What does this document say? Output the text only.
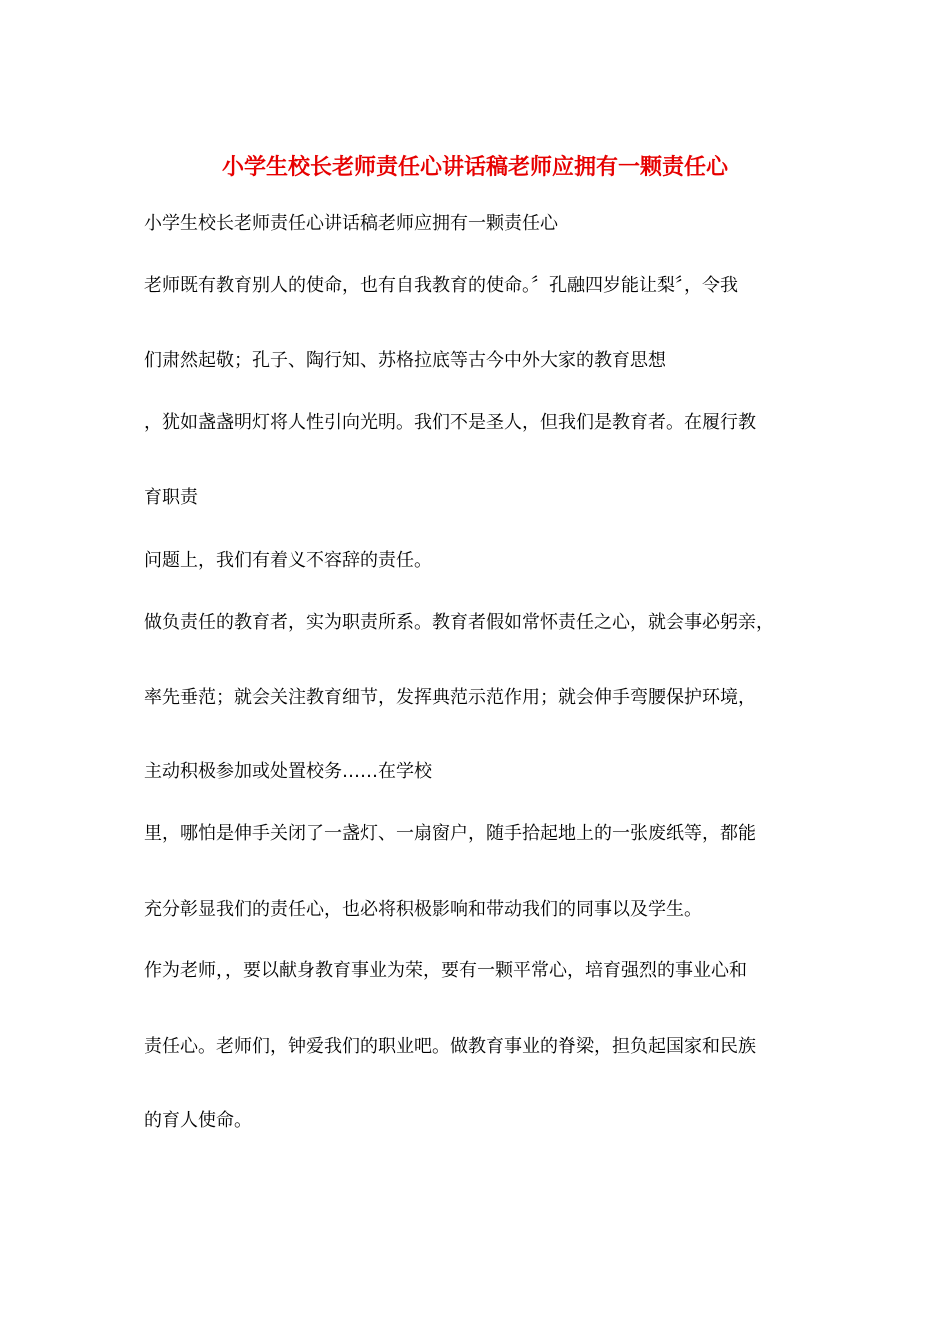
小学生校长老师责任心讲话稿老师应拥有一颗责任心
小学生校长老师责任心讲话稿老师应拥有一颗责任心
老师既有教育别人的使命，也有自我教育的使命。〞孔融四岁能让梨〞，令我
们肃然起敬；孔子、陶行知、苏格拉底等古今中外大家的教育思想
，犹如盏盏明灯将人性引向光明。我们不是圣人，但我们是教育者。在履行教
育职责
问题上，我们有着义不容辞的责任。
做负责任的教育者，实为职责所系。教育者假如常怀责任之心，就会事必躬亲，
率先垂范；就会关注教育细节，发挥典范示范作用；就会伸手弯腰保护环境，
主动积极参加或处置校务……在学校
里，哪怕是伸手关闭了一盏灯、一扇窗户，随手拾起地上的一张废纸等，都能
充分彰显我们的责任心，也必将积极影响和带动我们的同事以及学生。
作为老师，，要以献身教育事业为荣，要有一颗平常心，培育强烈的事业心和
责任心。老师们，钟爱我们的职业吧。做教育事业的脊梁，担负起国家和民族
的育人使命。
